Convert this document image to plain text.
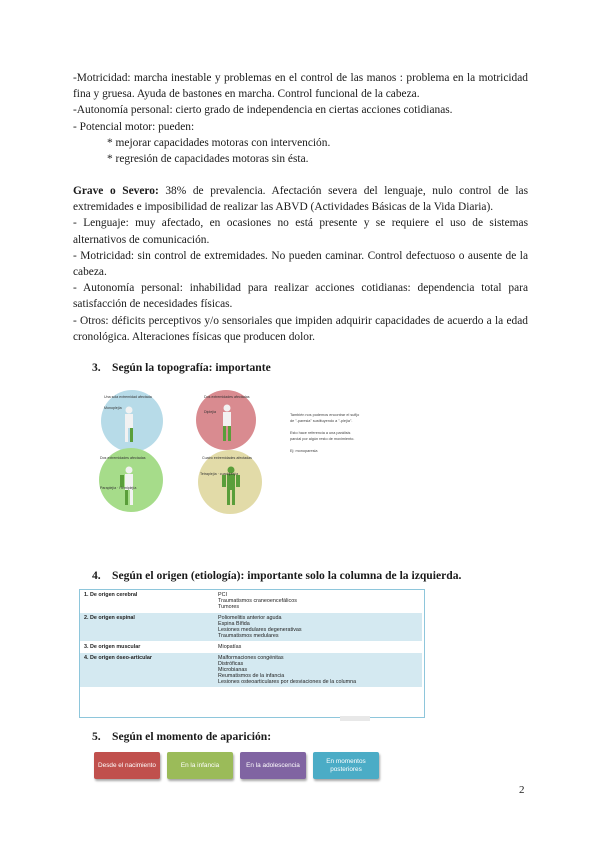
-Motricidad: marcha inestable y problemas en el control de las manos : problema en la motricidad fina y gruesa. Ayuda de bastones en marcha. Control funcional de la cabeza.

-Autonomía personal: cierto grado de independencia en ciertas acciones cotidianas.

- Potencial motor: pueden:

* mejorar capacidades motoras con intervención.

* regresión de capacidades motoras sin ésta.

Grave o Severo: 38% de prevalencia. Afectación severa del lenguaje, nulo control de las extremidades e imposibilidad de realizar las ABVD (Actividades Básicas de la Vida Diaria).

- Lenguaje: muy afectado, en ocasiones no está presente y se requiere el uso de sistemas alternativos de comunicación.

- Motricidad: sin control de extremidades. No pueden caminar. Control defectuoso o ausente de la cabeza.

- Autonomía personal: inhabilidad para realizar acciones cotidianas: dependencia total para satisfacción de necesidades físicas.

- Otros: déficits perceptivos y/o sensoriales que impiden adquirir capacidades de acuerdo a la edad cronológica. Alteraciones físicas que producen dolor.

3. Según la topografía: importante
Una sola extremidad afectada
Monoplejía
Dos extremidades afectadas
Diplejía
Dos extremidades afectadas
Paraplejía · Hemiplejía
Cuatro extremidades afectadas
Tetraplejía · cuadriplejía

También nos podemos encontrar el sufijo de "-paresia" sustituyendo a "-plejía".

Esto hace referencia a una parálisis parcial por algún resto de movimiento.

Ej: monoparesia

4. Según el origen (etiología): importante solo la columna de la izquierda.
1. De origen cerebral	PCI
Traumatismos craneoencefálicos
Tumores

2. De origen espinal	Poliomelitis anterior aguda
Espina Bífida
Lesiones medulares degenerativas
Traumatismos medulares

3. De origen muscular	Miopatías

4. De origen óseo-articular	Malformaciones congénitas
Distróficas
Microbianas
Reumatismos de la infancia
Lesiones osteoarticulares por desviaciones de la columna
5. Según el momento de aparición:
Desde el nacimiento	En la infancia	En la adolescencia
En momentos posteriores
2
